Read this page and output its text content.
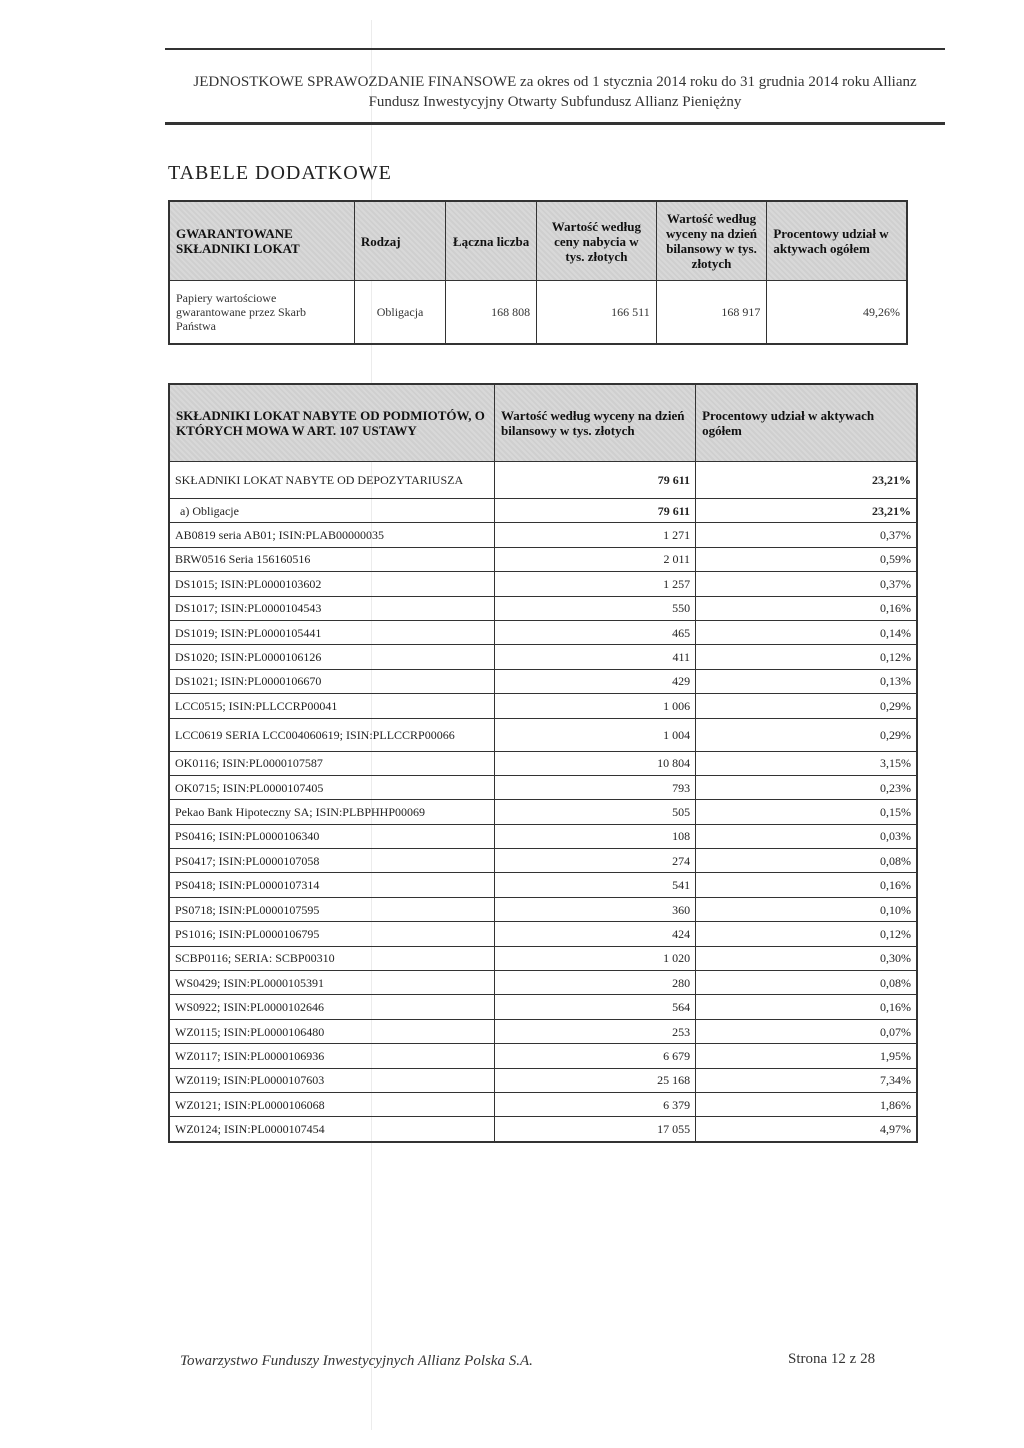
JEDNOSTKOWE SPRAWOZDANIE FINANSOWE za okres od 1 stycznia 2014 roku do 31 grudnia 2014 roku Allianz
Fundusz Inwestycyjny Otwarty Subfundusz Allianz Pieniężny
TABELE DODATKOWE
GWARANTOWANE SKŁADNIKI LOKAT	Rodzaj	Łączna liczba	Wartość według ceny nabycia w tys. złotych	Wartość według wyceny na dzień bilansowy w tys. złotych	Procentowy udział w aktywach ogółem
Papiery wartościowe gwarantowane przez Skarb Państwa	Obligacja	168 808	166 511	168 917	49,26%
SKŁADNIKI LOKAT NABYTE OD PODMIOTÓW, O KTÓRYCH MOWA W ART. 107 USTAWY	Wartość według wyceny na dzień bilansowy w tys. złotych	Procentowy udział w aktywach ogółem
SKŁADNIKI LOKAT NABYTE OD DEPOZYTARIUSZA	79 611	23,21%
a) Obligacje	79 611	23,21%
AB0819 seria AB01; ISIN:PLAB00000035	1 271	0,37%
BRW0516 Seria 156160516	2 011	0,59%
DS1015; ISIN:PL0000103602	1 257	0,37%
DS1017; ISIN:PL0000104543	550	0,16%
DS1019; ISIN:PL0000105441	465	0,14%
DS1020; ISIN:PL0000106126	411	0,12%
DS1021; ISIN:PL0000106670	429	0,13%
LCC0515; ISIN:PLLCCRP00041	1 006	0,29%
LCC0619 SERIA LCC004060619; ISIN:PLLCCRP00066	1 004	0,29%
OK0116; ISIN:PL0000107587	10 804	3,15%
OK0715; ISIN:PL0000107405	793	0,23%
Pekao Bank Hipoteczny SA; ISIN:PLBPHHP00069	505	0,15%
PS0416; ISIN:PL0000106340	108	0,03%
PS0417; ISIN:PL0000107058	274	0,08%
PS0418; ISIN:PL0000107314	541	0,16%
PS0718; ISIN:PL0000107595	360	0,10%
PS1016; ISIN:PL0000106795	424	0,12%
SCBP0116; SERIA: SCBP00310	1 020	0,30%
WS0429; ISIN:PL0000105391	280	0,08%
WS0922; ISIN:PL0000102646	564	0,16%
WZ0115; ISIN:PL0000106480	253	0,07%
WZ0117; ISIN:PL0000106936	6 679	1,95%
WZ0119; ISIN:PL0000107603	25 168	7,34%
WZ0121; ISIN:PL0000106068	6 379	1,86%
WZ0124; ISIN:PL0000107454	17 055	4,97%
Towarzystwo Funduszy Inwestycyjnych Allianz Polska S.A.	Strona 12 z 28
